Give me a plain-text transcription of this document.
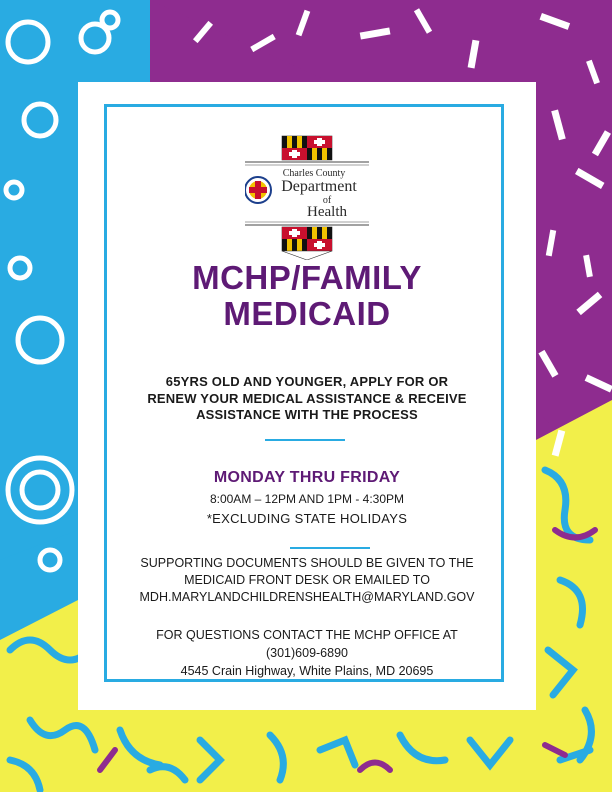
Charles County
Department
of
Health
MCHP/FAMILY
MEDICAID
65YRS OLD AND YOUNGER, APPLY FOR OR
RENEW YOUR MEDICAL ASSISTANCE & RECEIVE
ASSISTANCE WITH THE PROCESS
MONDAY THRU FRIDAY
8:00AM – 12PM AND 1PM - 4:30PM
*EXCLUDING STATE HOLIDAYS
SUPPORTING DOCUMENTS SHOULD BE GIVEN TO THE
MEDICAID FRONT DESK OR EMAILED TO
MDH.MARYLANDCHILDRENSHEALTH@MARYLAND.GOV
FOR QUESTIONS CONTACT THE MCHP OFFICE AT
(301)609-6890
4545 Crain Highway, White Plains, MD 20695
